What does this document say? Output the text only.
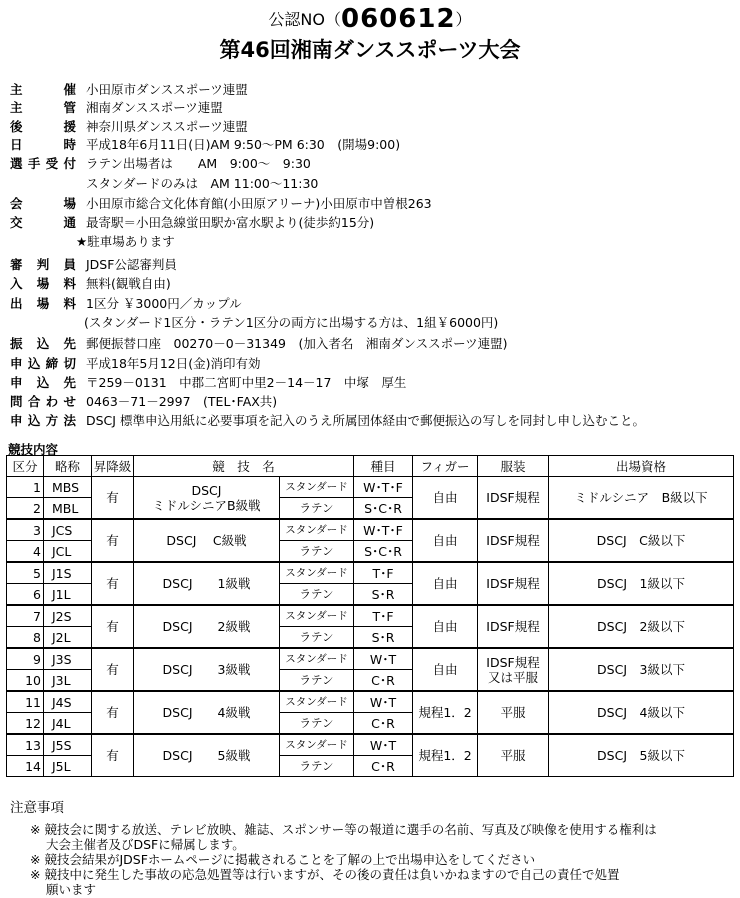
公認NO（060612）
第46回湘南ダンススポーツ大会
主催 小田原市ダンススポーツ連盟
主管 湘南ダンススポーツ連盟
後援 神奈川県ダンススポーツ連盟
日時 平成18年6月11日(日)AM 9:50～PM 6:30　(開場9:00)
選手受付 ラテン出場者は　　AM　9:00～　9:30
スタンダードのみは　AM 11:00～11:30
会場 小田原市総合文化体育館(小田原アリーナ)小田原市中曽根263
交通 最寄駅＝小田急線蛍田駅か富水駅より(徒歩約15分)
★駐車場あります
審判員 JDSF公認審判員
入場料 無料(観戦自由)
出場料 1区分 ￥3000円／カップル
(スタンダード1区分・ラテン1区分の両方に出場する方は、1組￥6000円)
振込先 郵便振替口座　00270－0－31349　(加入者名　湘南ダンススポーツ連盟)
申込締切 平成18年5月12日(金)消印有効
申込先 〒259－0131　中郡二宮町中里2－14－17　中塚　厚生
問合わせ 0463－71－2997　(TEL･FAX共)
申込方法 DSCJ 標準申込用紙に必要事項を記入のうえ所属団体経由で郵便振込の写しを同封し申し込むこと。
競技内容
区分	略称	昇降級	競　技　名		種目	フィガー	服装	出場資格
1	MBS	有	DSCJ
ミドルシニアB級戦	スタンダード	W･T･F	自由	IDSF規程	ミドルシニア　B級以下
2	MBL			ラテン	S･C･R			
3	JCS	有	DSCJ　 C級戦	スタンダード	W･T･F	自由	IDSF規程	DSCJ　C級以下
4	JCL			ラテン	S･C･R			
5	J1S	有	DSCJ　　1級戦	スタンダード	T･F	自由	IDSF規程	DSCJ　1級以下
6	J1L			ラテン	S･R			
7	J2S	有	DSCJ　　2級戦	スタンダード	T･F	自由	IDSF規程	DSCJ　2級以下
8	J2L			ラテン	S･R			
9	J3S	有	DSCJ　　3級戦	スタンダード	W･T	自由	IDSF規程
又は平服	DSCJ　3級以下
10	J3L			ラテン	C･R			
11	J4S	有	DSCJ　　4級戦	スタンダード	W･T	規程1．2	平服	DSCJ　4級以下
12	J4L			ラテン	C･R			
13	J5S	有	DSCJ　　5級戦	スタンダード	W･T	規程1．2	平服	DSCJ　5級以下
14	J5L			ラテン	C･R			
注意事項
※ 競技会に関する放送、テレビ放映、雑誌、スポンサー等の報道に選手の名前、写真及び映像を使用する権利は
大会主催者及びDSFに帰属します。
※ 競技会結果がJDSFホームページに掲載されることを了解の上で出場申込をしてください
※ 競技中に発生した事故の応急処置等は行いますが、その後の責任は負いかねますので自己の責任で処置
願います
